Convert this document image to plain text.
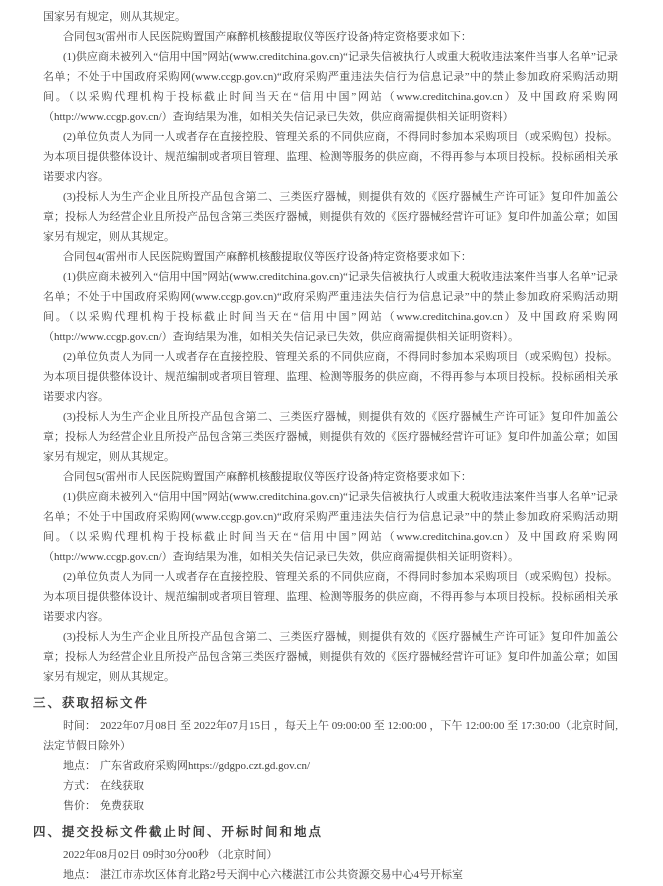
国家另有规定，则从其规定。

合同包3(雷州市人民医院购置国产麻醉机核酸提取仪等医疗设备)特定资格要求如下：

(1)供应商未被列入“信用中国”网站(www.creditchina.gov.cn)“记录失信被执行人或重大税收违法案件当事人名单”记录名单；不处于中国政府采购网(www.ccgp.gov.cn)“政府采购严重违法失信行为信息记录”中的禁止参加政府采购活动期间。（以采购代理机构于投标截止时间当天在“信用中国”网站（www.creditchina.gov.cn）及中国政府采购网（http://www.ccgp.gov.cn/）查询结果为准，如相关失信记录已失效，供应商需提供相关证明资料）

(2)单位负责人为同一人或者存在直接控股、管理关系的不同供应商，不得同时参加本采购项目（或采购包）投标。为本项目提供整体设计、规范编制或者项目管理、监理、检测等服务的供应商，不得再参与本项目投标。投标函相关承诺要求内容。

(3)投标人为生产企业且所投产品包含第二、三类医疗器械，则提供有效的《医疗器械生产许可证》复印件加盖公章；投标人为经营企业且所投产品包含第三类医疗器械，则提供有效的《医疗器械经营许可证》复印件加盖公章；如国家另有规定，则从其规定。

合同包4(雷州市人民医院购置国产麻醉机核酸提取仪等医疗设备)特定资格要求如下：

(1)供应商未被列入“信用中国”网站(www.creditchina.gov.cn)“记录失信被执行人或重大税收违法案件当事人名单”记录名单；不处于中国政府采购网(www.ccgp.gov.cn)“政府采购严重违法失信行为信息记录”中的禁止参加政府采购活动期间。（以采购代理机构于投标截止时间当天在“信用中国”网站（www.creditchina.gov.cn）及中国政府采购网（http://www.ccgp.gov.cn/）查询结果为准，如相关失信记录已失效，供应商需提供相关证明资料）。

(2)单位负责人为同一人或者存在直接控股、管理关系的不同供应商，不得同时参加本采购项目（或采购包）投标。为本项目提供整体设计、规范编制或者项目管理、监理、检测等服务的供应商，不得再参与本项目投标。投标函相关承诺要求内容。

(3)投标人为生产企业且所投产品包含第二、三类医疗器械，则提供有效的《医疗器械生产许可证》复印件加盖公章；投标人为经营企业且所投产品包含第三类医疗器械，则提供有效的《医疗器械经营许可证》复印件加盖公章；如国家另有规定，则从其规定。

合同包5(雷州市人民医院购置国产麻醉机核酸提取仪等医疗设备)特定资格要求如下：

(1)供应商未被列入“信用中国”网站(www.creditchina.gov.cn)“记录失信被执行人或重大税收违法案件当事人名单”记录名单；不处于中国政府采购网(www.ccgp.gov.cn)“政府采购严重违法失信行为信息记录”中的禁止参加政府采购活动期间。（以采购代理机构于投标截止时间当天在“信用中国”网站（www.creditchina.gov.cn）及中国政府采购网（http://www.ccgp.gov.cn/）查询结果为准，如相关失信记录已失效，供应商需提供相关证明资料）。

(2)单位负责人为同一人或者存在直接控股、管理关系的不同供应商，不得同时参加本采购项目（或采购包）投标。为本项目提供整体设计、规范编制或者项目管理、监理、检测等服务的供应商，不得再参与本项目投标。投标函相关承诺要求内容。

(3)投标人为生产企业且所投产品包含第二、三类医疗器械，则提供有效的《医疗器械生产许可证》复印件加盖公章；投标人为经营企业且所投产品包含第三类医疗器械，则提供有效的《医疗器械经营许可证》复印件加盖公章；如国家另有规定，则从其规定。

三、获取招标文件

时间： 2022年07月08日 至 2022年07月15日 ，每天上午 09:00:00 至 12:00:00 ，下午 12:00:00 至 17:30:00（北京时间,法定节假日除外）

地点： 广东省政府采购网https://gdgpo.czt.gd.gov.cn/

方式： 在线获取

售价： 免费获取

四、提交投标文件截止时间、开标时间和地点

2022年08月02日 09时30分00秒 （北京时间）

地点： 湛江市赤坎区体育北路2号天润中心六楼湛江市公共资源交易中心4号开标室
